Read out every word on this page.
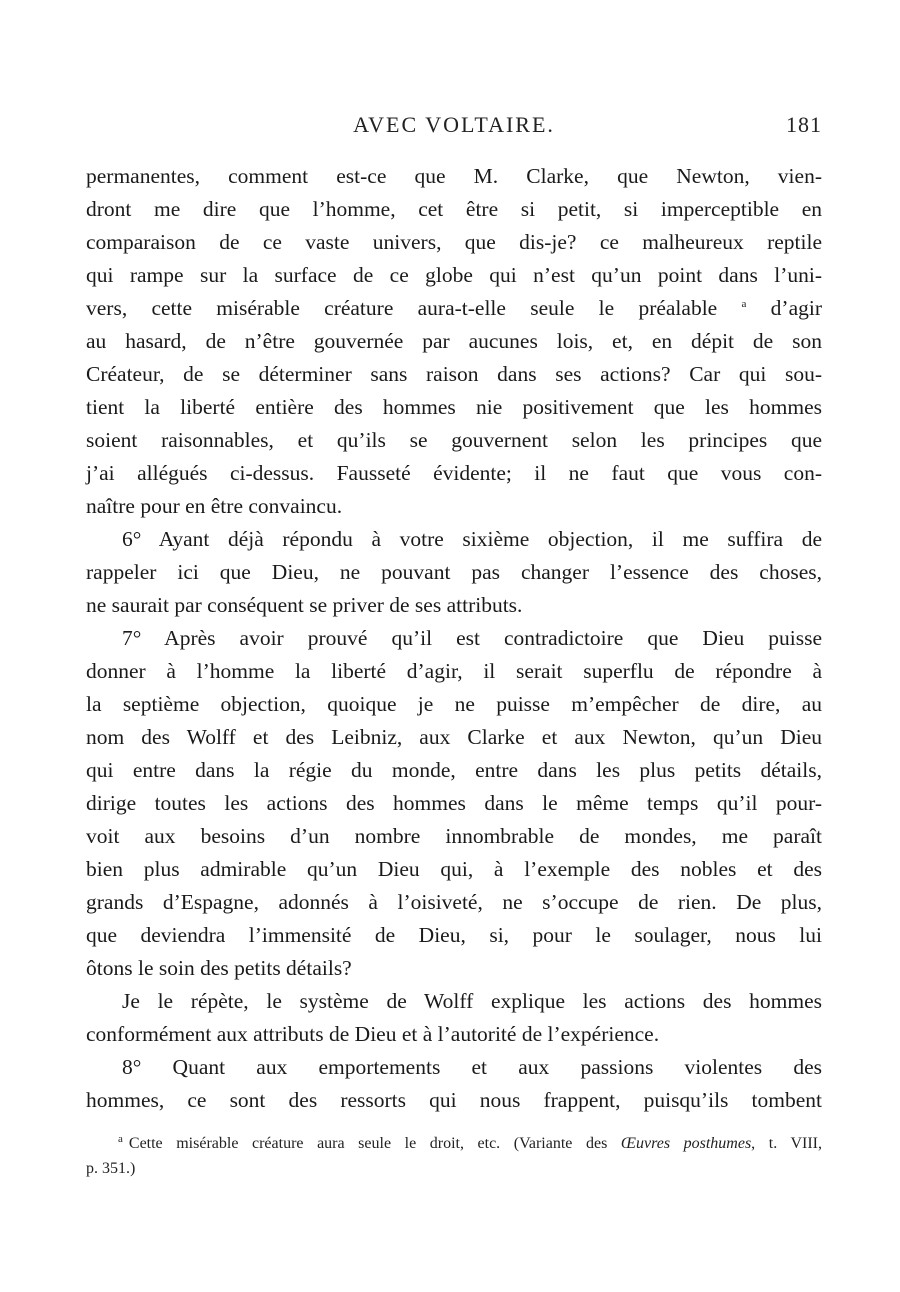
AVEC VOLTAIRE.	181
permanentes, comment est-ce que M. Clarke, que Newton, vien-
dront me dire que l’homme, cet être si petit, si imperceptible en
comparaison de ce vaste univers, que dis-je? ce malheureux reptile
qui rampe sur la surface de ce globe qui n’est qu’un point dans l’uni-
vers, cette misérable créature aura-t-elle seule le préalable $^a$ d’agir
au hasard, de n’être gouvernée par aucunes lois, et, en dépit de son
Créateur, de se déterminer sans raison dans ses actions? Car qui sou-
tient la liberté entière des hommes nie positivement que les hommes
soient raisonnables, et qu’ils se gouvernent selon les principes que
j’ai allégués ci-dessus. Fausseté évidente; il ne faut que vous con-
naître pour en être convaincu.
6° Ayant déjà répondu à votre sixième objection, il me suffira de
rappeler ici que Dieu, ne pouvant pas changer l’essence des choses,
ne saurait par conséquent se priver de ses attributs.
7° Après avoir prouvé qu’il est contradictoire que Dieu puisse
donner à l’homme la liberté d’agir, il serait superflu de répondre à
la septième objection, quoique je ne puisse m’empêcher de dire, au
nom des Wolff et des Leibniz, aux Clarke et aux Newton, qu’un Dieu
qui entre dans la régie du monde, entre dans les plus petits détails,
dirige toutes les actions des hommes dans le même temps qu’il pour-
voit aux besoins d’un nombre innombrable de mondes, me paraît
bien plus admirable qu’un Dieu qui, à l’exemple des nobles et des
grands d’Espagne, adonnés à l’oisiveté, ne s’occupe de rien. De plus,
que deviendra l’immensité de Dieu, si, pour le soulager, nous lui
ôtons le soin des petits détails?
Je le répète, le système de Wolff explique les actions des hommes
conformément aux attributs de Dieu et à l’autorité de l’expérience.
8° Quant aux emportements et aux passions violentes des
hommes, ce sont des ressorts qui nous frappent, puisqu’ils tombent
$^a$ Cette misérable créature aura seule le droit, etc. (Variante des Œuvres posthumes, t. VIII,
p. 351.)
